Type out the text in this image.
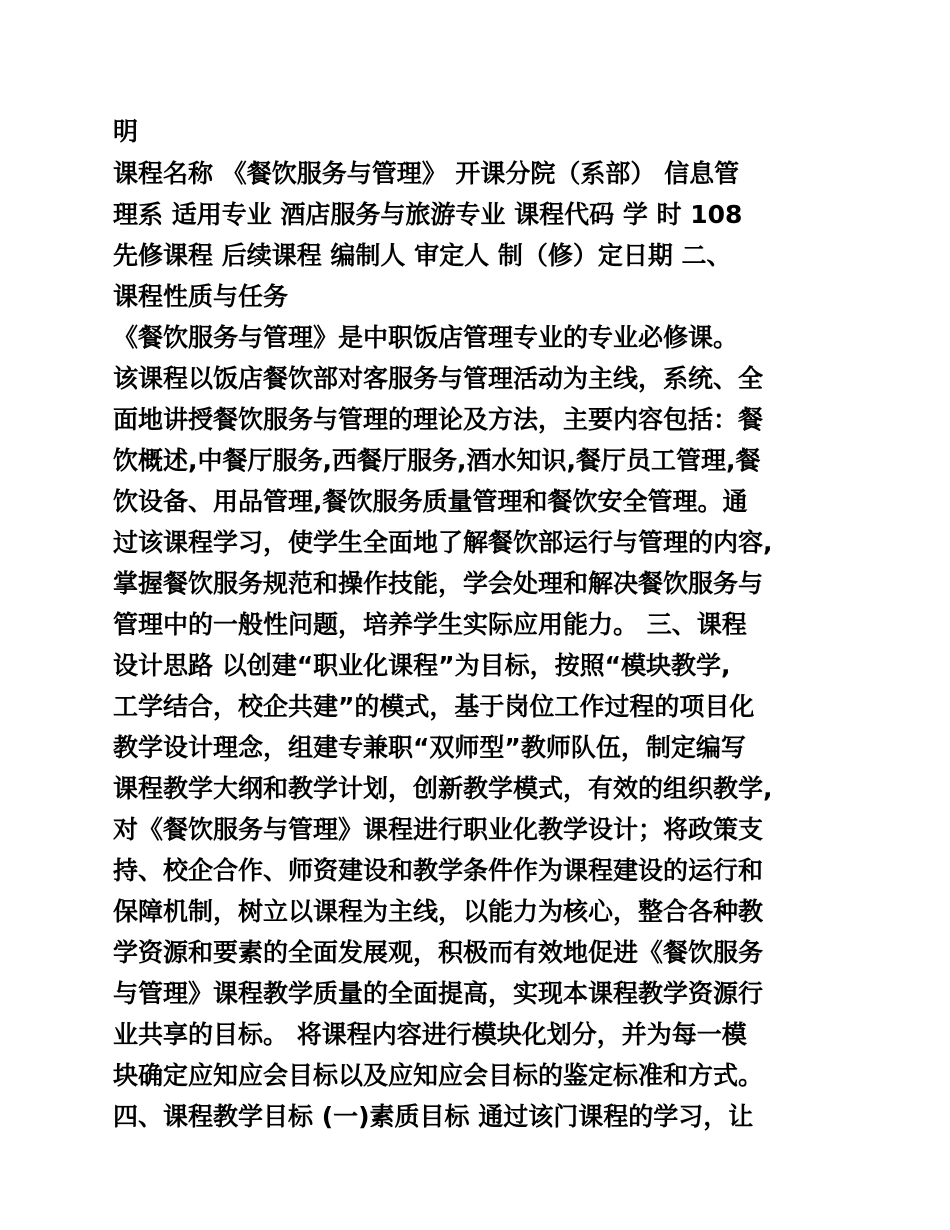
明
课程名称 《餐饮服务与管理》 开课分院（系部） 信息管
理系 适用专业 酒店服务与旅游专业 课程代码 学 时 108
先修课程 后续课程 编制人 审定人 制（修）定日期 二、
课程性质与任务
《餐饮服务与管理》是中职饭店管理专业的专业必修课。
该课程以饭店餐饮部对客服务与管理活动为主线，系统、全
面地讲授餐饮服务与管理的理论及方法，主要内容包括：餐
饮概述,中餐厅服务,西餐厅服务,酒水知识,餐厅员工管理,餐
饮设备、用品管理,餐饮服务质量管理和餐饮安全管理。通
过该课程学习，使学生全面地了解餐饮部运行与管理的内容,
掌握餐饮服务规范和操作技能，学会处理和解决餐饮服务与
管理中的一般性问题，培养学生实际应用能力。 三、课程
设计思路 以创建“职业化课程”为目标，按照“模块教学,
工学结合，校企共建”的模式，基于岗位工作过程的项目化
教学设计理念，组建专兼职“双师型”教师队伍，制定编写
课程教学大纲和教学计划，创新教学模式，有效的组织教学,
对《餐饮服务与管理》课程进行职业化教学设计；将政策支
持、校企合作、师资建设和教学条件作为课程建设的运行和
保障机制，树立以课程为主线，以能力为核心，整合各种教
学资源和要素的全面发展观，积极而有效地促进《餐饮服务
与管理》课程教学质量的全面提高，实现本课程教学资源行
业共享的目标。 将课程内容进行模块化划分，并为每一模
块确定应知应会目标以及应知应会目标的鉴定标准和方式。
四、课程教学目标 (一)素质目标 通过该门课程的学习，让
